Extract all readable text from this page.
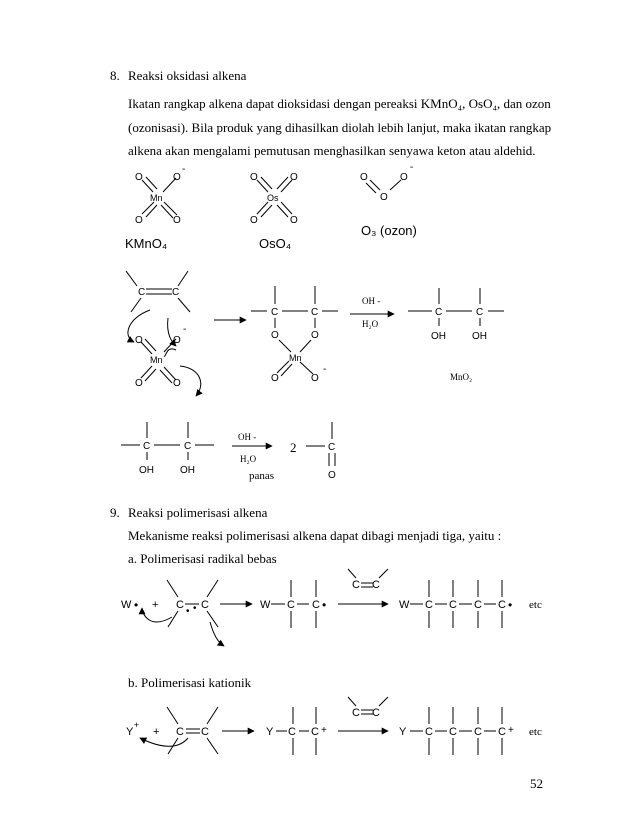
8. Reaksi oksidasi alkena
Ikatan rangkap alkena dapat dioksidasi dengan pereaksi KMnO₄, OsO₄, dan ozon
(ozonisasi). Bila produk yang dihasilkan diolah lebih lanjut, maka ikatan rangkap
alkena akan mengalami pemutusan menghasilkan senyawa keton atau aldehid.
9. Reaksi polimerisasi alkena
Mekanisme reaksi polimerisasi alkena dapat dibagi menjadi tiga, yaitu :
a. Polimerisasi radikal bebas
b. Polimerisasi kationik
52
O	O
-
Mn
O	O
O	O
Os
O	O
O
O
O
-
KMnO₄	OsO₄
O₃ (ozon)
C	C
O	O
-
Mn
O	O
C	C
O	O
Mn
O	O
-
OH -
H₂O
C	C
OH	OH
MnO₂
C	C
OH	OH
OH -
H₂O
panas
2	C
O
W • + C C
• •	W C C •
C C
W C C C C • etc
Y
+
+ C C	Y C C +
C C
Y C C C C + etc
